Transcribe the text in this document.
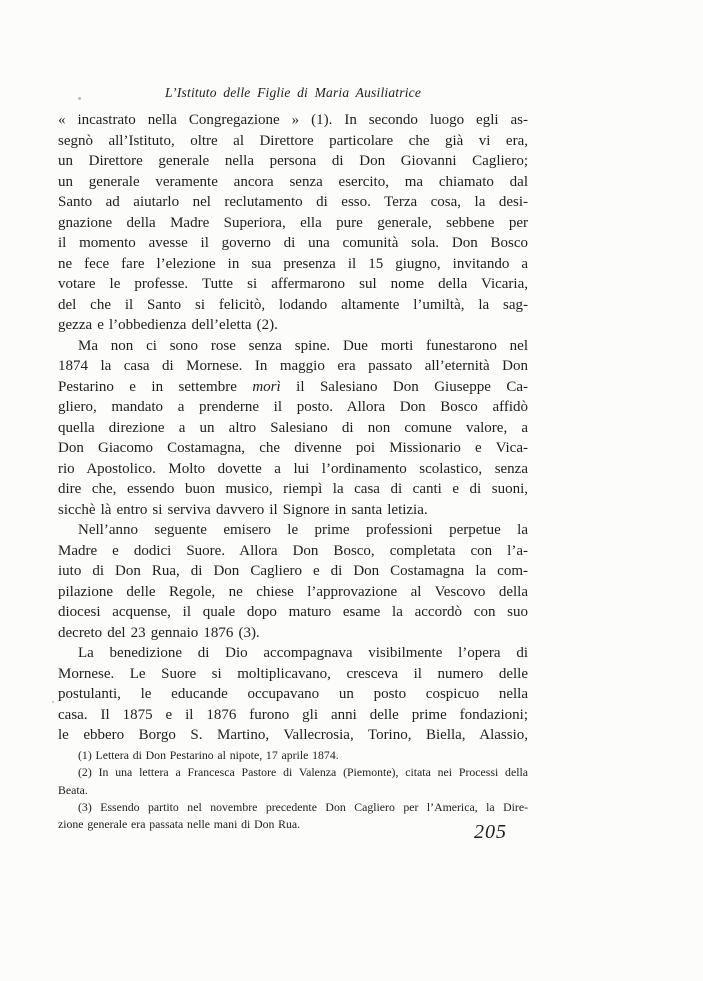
L’Istituto delle Figlie di Maria Ausiliatrice
« incastrato nella Congregazione » (1). In secondo luogo egli as-
segnò all’Istituto, oltre al Direttore particolare che già vi era,
un Direttore generale nella persona di Don Giovanni Cagliero;
un generale veramente ancora senza esercito, ma chiamato dal
Santo ad aiutarlo nel reclutamento di esso. Terza cosa, la desi-
gnazione della Madre Superiora, ella pure generale, sebbene per
il momento avesse il governo di una comunità sola. Don Bosco
ne fece fare l’elezione in sua presenza il 15 giugno, invitando a
votare le professe. Tutte si affermarono sul nome della Vicaria,
del che il Santo si felicitò, lodando altamente l’umiltà, la sag-
gezza e l’obbedienza dell’eletta (2).
Ma non ci sono rose senza spine. Due morti funestarono nel
1874 la casa di Mornese. In maggio era passato all’eternità Don
Pestarino e in settembre morì il Salesiano Don Giuseppe Ca-
gliero, mandato a prenderne il posto. Allora Don Bosco affidò
quella direzione a un altro Salesiano di non comune valore, a
Don Giacomo Costamagna, che divenne poi Missionario e Vica-
rio Apostolico. Molto dovette a lui l’ordinamento scolastico, senza
dire che, essendo buon musico, riempì la casa di canti e di suoni,
sicchè là entro si serviva davvero il Signore in santa letizia.
Nell’anno seguente emisero le prime professioni perpetue la
Madre e dodici Suore. Allora Don Bosco, completata con l’a-
iuto di Don Rua, di Don Cagliero e di Don Costamagna la com-
pilazione delle Regole, ne chiese l’approvazione al Vescovo della
diocesi acquense, il quale dopo maturo esame la accordò con suo
decreto del 23 gennaio 1876 (3).
La benedizione di Dio accompagnava visibilmente l’opera di
Mornese. Le Suore si moltiplicavano, cresceva il numero delle
postulanti, le educande occupavano un posto cospicuo nella
casa. Il 1875 e il 1876 furono gli anni delle prime fondazioni;
le ebbero Borgo S. Martino, Vallecrosia, Torino, Biella, Alassio,
(1) Lettera di Don Pestarino al nipote, 17 aprile 1874.
(2) In una lettera a Francesca Pastore di Valenza (Piemonte), citata nei Processi della
Beata.
(3) Essendo partito nel novembre precedente Don Cagliero per l’America, la Dire-
zione generale era passata nelle mani di Don Rua.	205
